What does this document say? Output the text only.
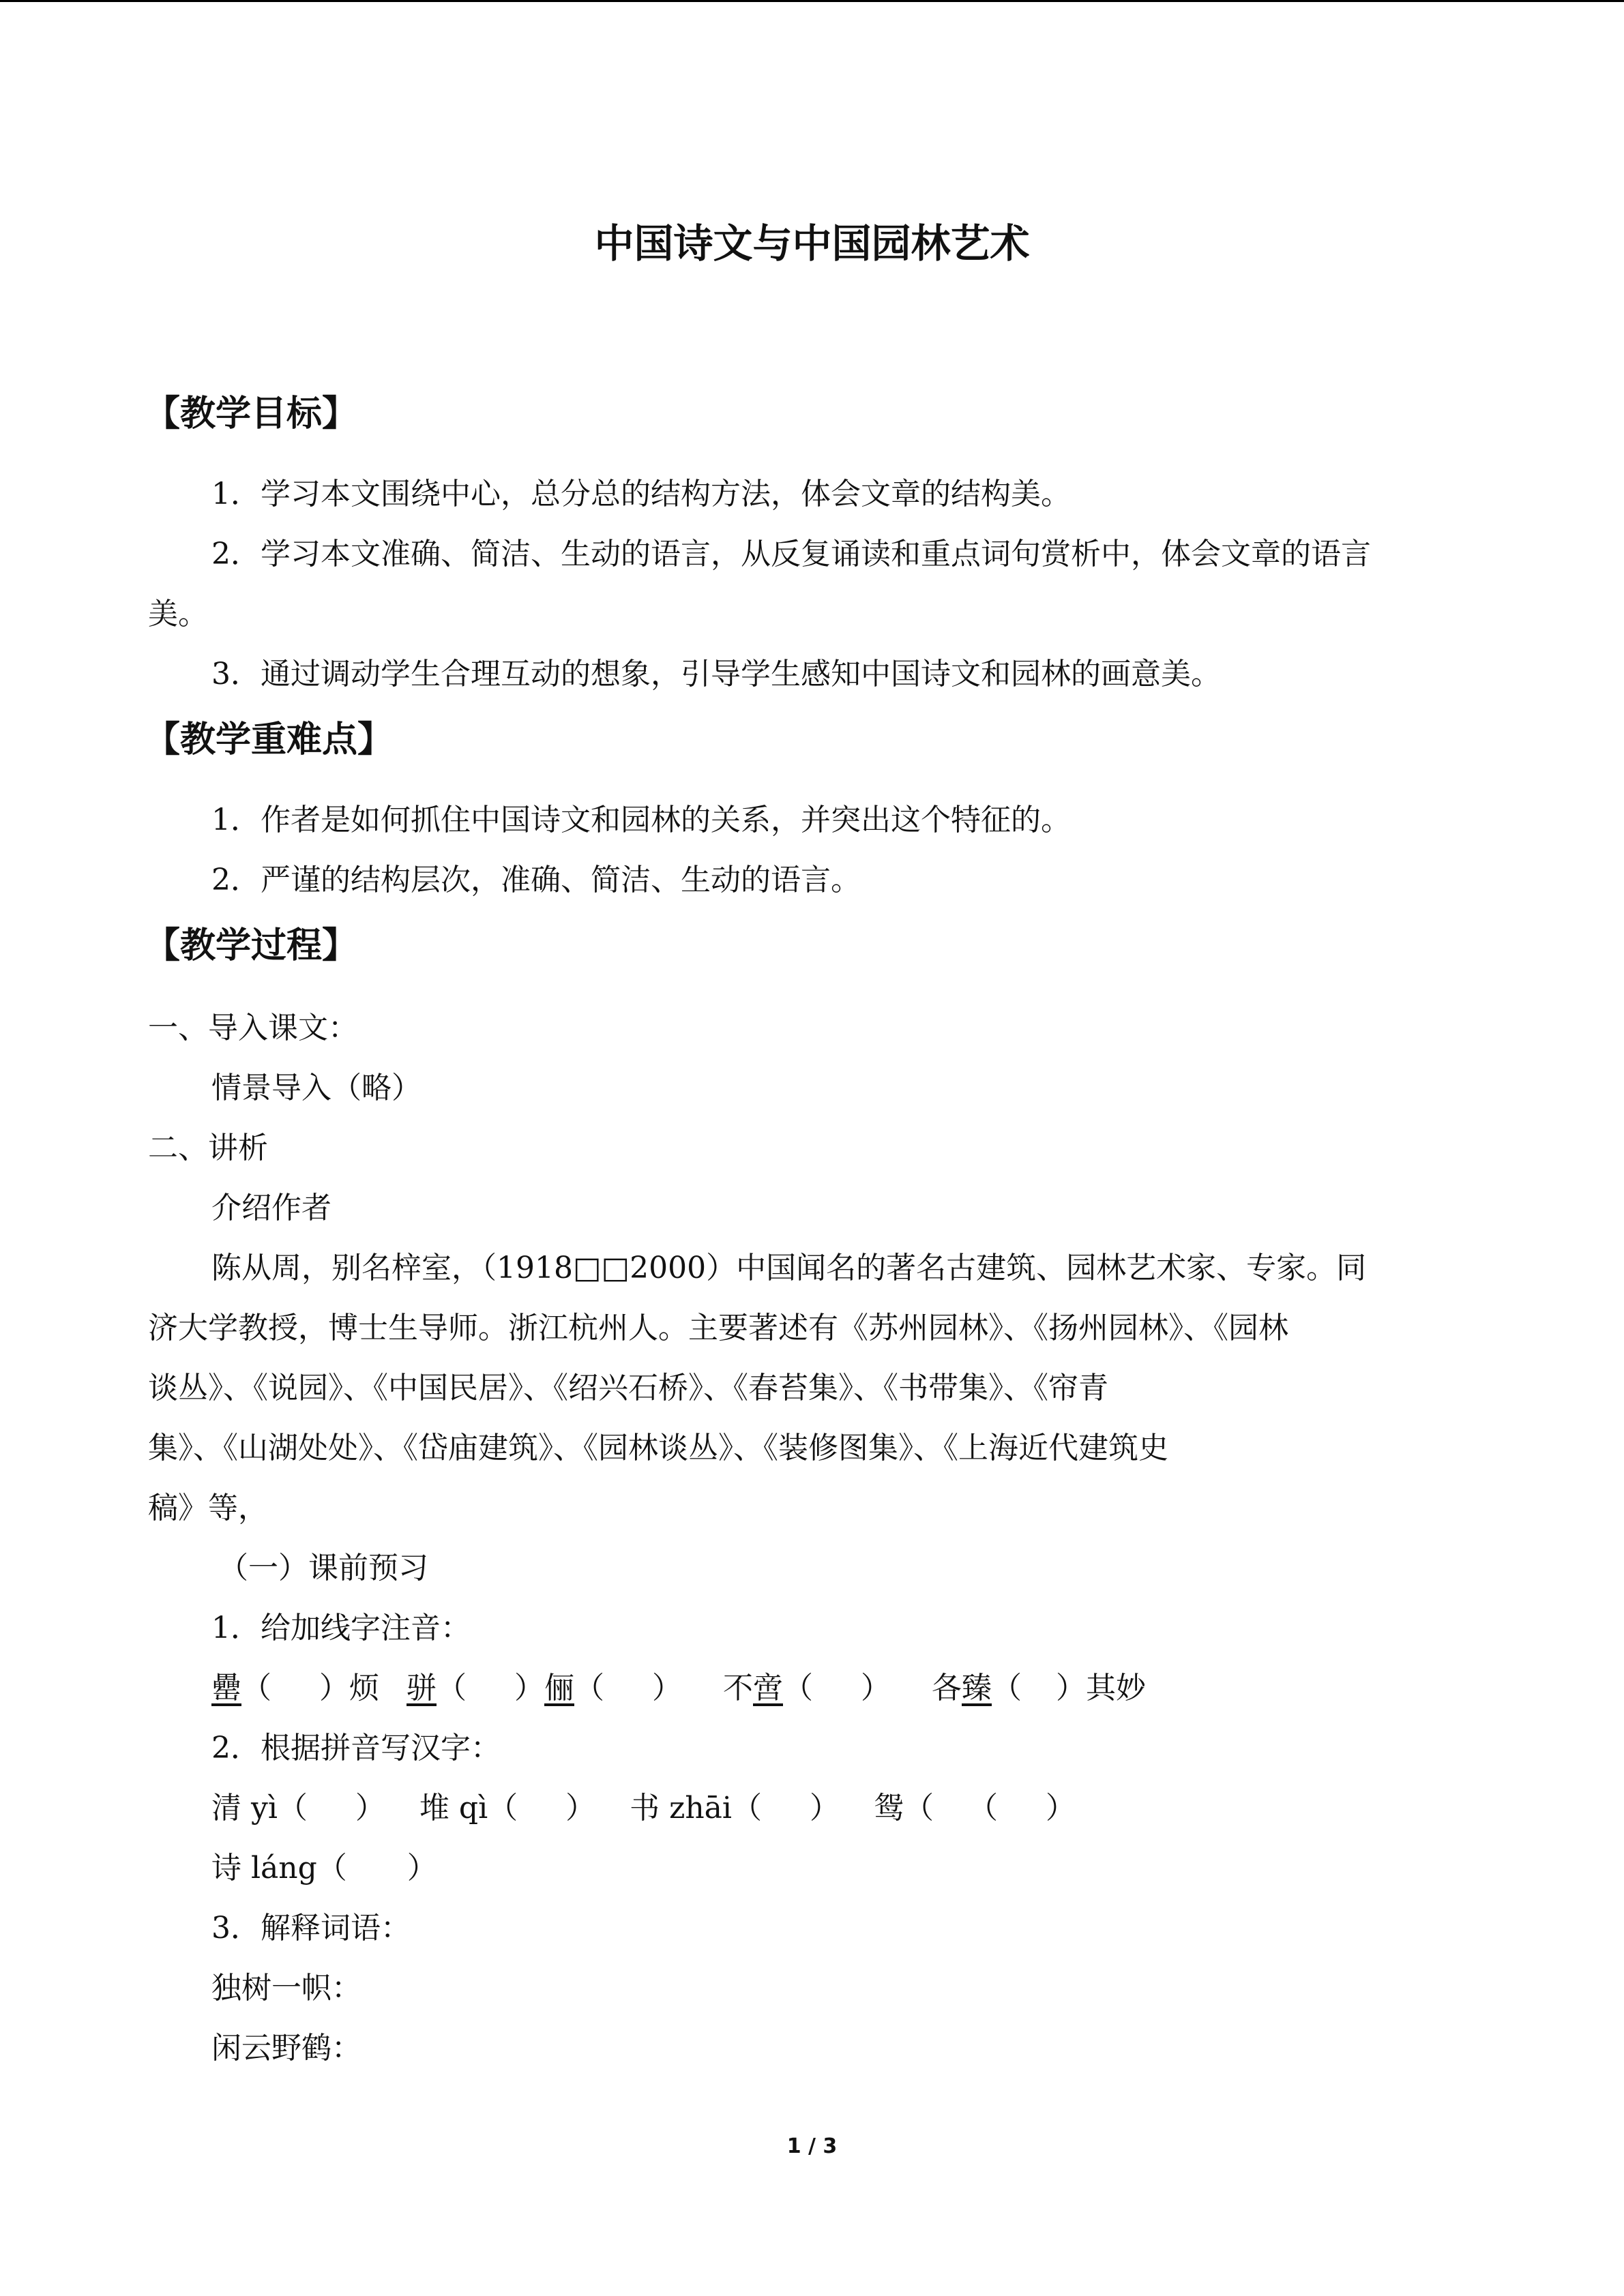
中国诗文与中国园林艺术
【教学目标】
1．学习本文围绕中心，总分总的结构方法，体会文章的结构美。
2．学习本文准确、简洁、生动的语言，从反复诵读和重点词句赏析中，体会文章的语言
美。
3．通过调动学生合理互动的想象，引导学生感知中国诗文和园林的画意美。
【教学重难点】
1．作者是如何抓住中国诗文和园林的关系，并突出这个特征的。
2．严谨的结构层次，准确、简洁、生动的语言。
【教学过程】
一、导入课文：
情景导入（略）
二、讲析
介绍作者
陈从周，别名梓室，（1918□□2000）中国闻名的著名古建筑、园林艺术家、专家。同
济大学教授，博士生导师。浙江杭州人。主要著述有《苏州园林》、《扬州园林》、《园林
谈丛》、《说园》、《中国民居》、《绍兴石桥》、《春苔集》、《书带集》、《帘青
集》、《山湖处处》、《岱庙建筑》、《园林谈丛》、《装修图集》、《上海近代建筑史
稿》等，
（一）课前预习
1．给加线字注音：
罍（ ）烦 骈（ ）俪（ ） 不啻（ ） 各臻（ ）其妙
2．根据拼音写汉字：
清 yì（ ） 堆 qì（ ） 书 zhāi（ ） 鸳（ （ ）
诗 láng（　　）
3．解释词语：
独树一帜：
闲云野鹤：
1 / 3
